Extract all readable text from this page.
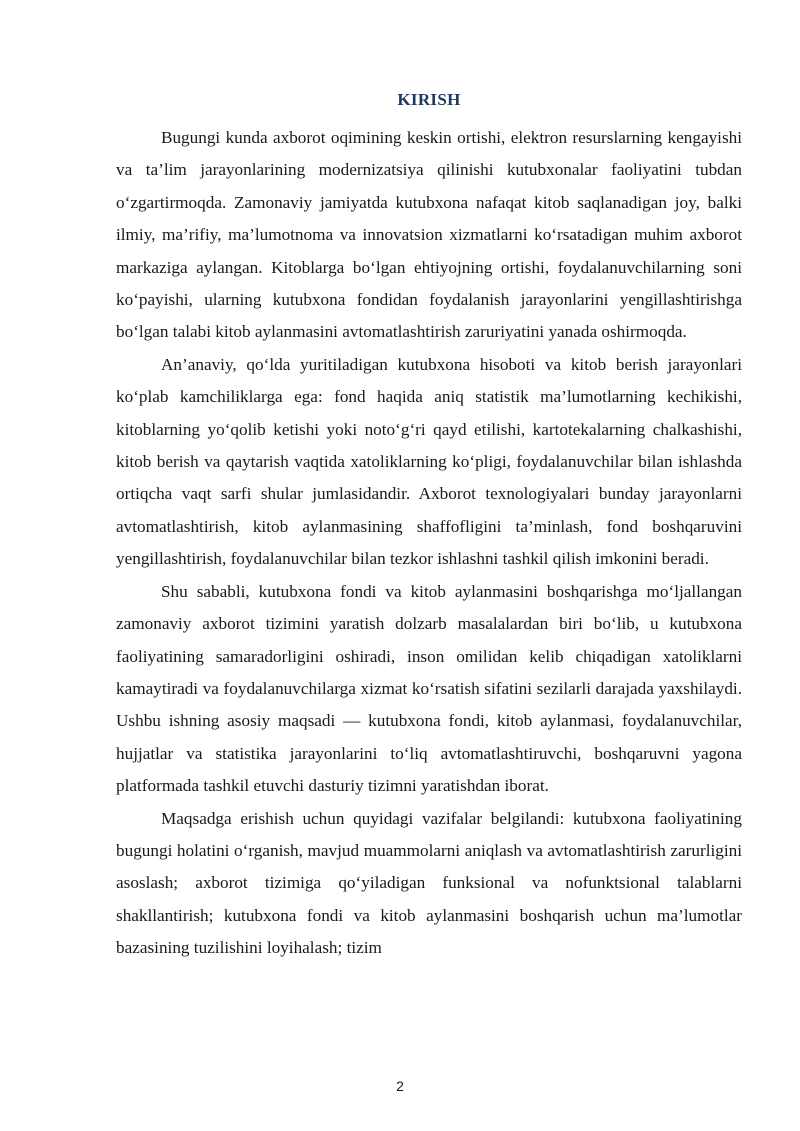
KIRISH

Bugungi kunda axborot oqimining keskin ortishi, elektron resurslarning kengayishi va ta’lim jarayonlarining modernizatsiya qilinishi kutubxonalar faoliyatini tubdan o‘zgartirmoqda. Zamonaviy jamiyatda kutubxona nafaqat kitob saqlanadigan joy, balki ilmiy, ma’rifiy, ma’lumotnoma va innovatsion xizmatlarni ko‘rsatadigan muhim axborot markaziga aylangan. Kitoblarga bo‘lgan ehtiyojning ortishi, foydalanuvchilarning soni ko‘payishi, ularning kutubxona fondidan foydalanish jarayonlarini yengillashtirishga bo‘lgan talabi kitob aylanmasini avtomatlashtirish zaruriyatini yanada oshirmoqda.

An’anaviy, qo‘lda yuritiladigan kutubxona hisoboti va kitob berish jarayonlari ko‘plab kamchiliklarga ega: fond haqida aniq statistik ma’lumotlarning kechikishi, kitoblarning yo‘qolib ketishi yoki noto‘g‘ri qayd etilishi, kartotekalarning chalkashishi, kitob berish va qaytarish vaqtida xatoliklarning ko‘pligi, foydalanuvchilar bilan ishlashda ortiqcha vaqt sarfi shular jumlasidandir. Axborot texnologiyalari bunday jarayonlarni avtomatlashtirish, kitob aylanmasining shaffofligini ta’minlash, fond boshqaruvini yengillashtirish, foydalanuvchilar bilan tezkor ishlashni tashkil qilish imkonini beradi.

Shu sababli, kutubxona fondi va kitob aylanmasini boshqarishga mo‘ljallangan zamonaviy axborot tizimini yaratish dolzarb masalalardan biri bo‘lib, u kutubxona faoliyatining samaradorligini oshiradi, inson omilidan kelib chiqadigan xatoliklarni kamaytiradi va foydalanuvchilarga xizmat ko‘rsatish sifatini sezilarli darajada yaxshilaydi. Ushbu ishning asosiy maqsadi — kutubxona fondi, kitob aylanmasi, foydalanuvchilar, hujjatlar va statistika jarayonlarini to‘liq avtomatlashtiruvchi, boshqaruvni yagona platformada tashkil etuvchi dasturiy tizimni yaratishdan iborat.

Maqsadga erishish uchun quyidagi vazifalar belgilandi: kutubxona faoliyatining bugungi holatini o‘rganish, mavjud muammolarni aniqlash va avtomatlashtirish zarurligini asoslash; axborot tizimiga qo‘yiladigan funksional va nofunktsional talablarni shakllantirish; kutubxona fondi va kitob aylanmasini boshqarish uchun ma’lumotlar bazasining tuzilishini loyihalash; tizim

2
